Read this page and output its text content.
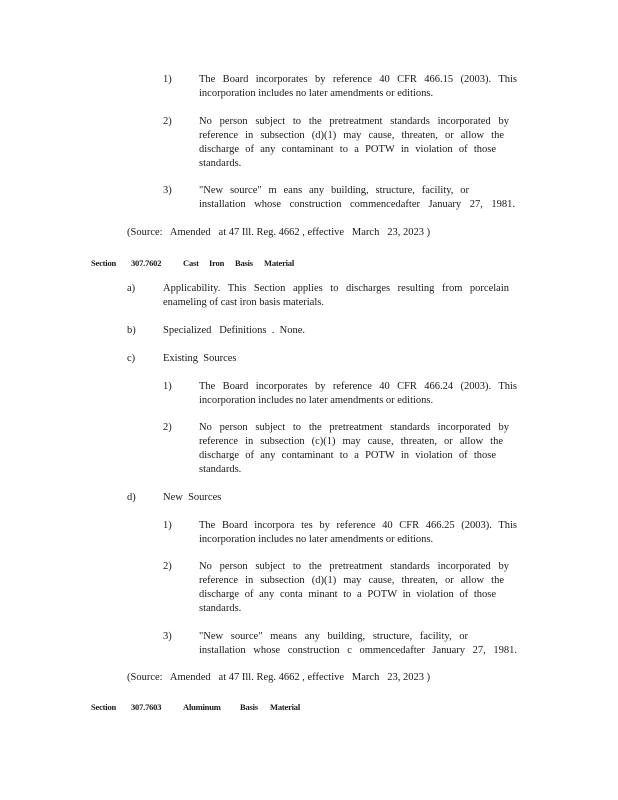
1)	The Board incorporates by reference 40 CFR 466.15 (2003). This
incorporation includes no later amendments or editions.
2)	No person subject to the pretreatment standards incorporated by
reference in subsection (d)(1) may cause, threaten, or allow the
discharge of any contaminant to a POTW in violation of those
standards.
3)	"New source" m eans any building, structure, facility, or
installation whose construction commencedafter January 27, 1981.
(Source:   Amended   at 47 Ill. Reg. 4662 , effective   March   23, 2023 )
Section 307.7602	Cast Iron Basis Material
a)	Applicability. This Section applies to discharges resulting from porcelain
enameling of cast iron basis materials.
b)	Specialized   Definitions  .  None.
c)	Existing  Sources
1)	The Board incorporates by reference 40 CFR 466.24 (2003). This
incorporation includes no later amendments or editions.
2)	No person subject to the pretreatment standards incorporated by
reference in subsection (c)(1) may cause, threaten, or allow the
discharge of any contaminant to a POTW in violation of those
standards.
d)	New  Sources
1)	The Board incorpora tes by reference 40 CFR 466.25 (2003). This
incorporation includes no later amendments or editions.
2)	No person subject to the pretreatment standards incorporated by
reference in subsection (d)(1) may cause, threaten, or allow the
discharge of any conta minant to a POTW in violation of those
standards.
3)	"New source" means any building, structure, facility, or
installation whose construction c ommencedafter January 27, 1981.
(Source:   Amended   at 47 Ill. Reg. 4662 , effective   March   23, 2023 )
Section 307.7603	Aluminum Basis Material
